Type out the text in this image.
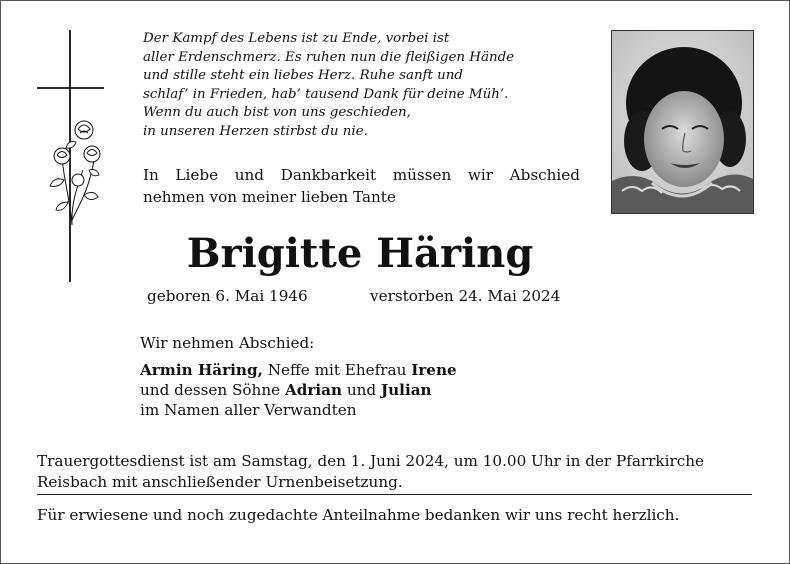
Der Kampf des Lebens ist zu Ende, vorbei ist
aller Erdenschmerz. Es ruhen nun die fleißigen Hände
und stille steht ein liebes Herz. Ruhe sanft und
schlaf’ in Frieden, hab’ tausend Dank für deine Müh’.
Wenn du auch bist von uns geschieden,
in unseren Herzen stirbst du nie.
In Liebe und Dankbarkeit müssen wir Abschied
nehmen von meiner lieben Tante
Brigitte Häring
geboren 6. Mai 1946	verstorben 24. Mai 2024
Wir nehmen Abschied:
Armin Häring, Neffe mit Ehefrau Irene
und dessen Söhne Adrian und Julian
im Namen aller Verwandten
Trauergottesdienst ist am Samstag, den 1. Juni 2024, um 10.00 Uhr in der Pfarrkirche
Reisbach mit anschließender Urnenbeisetzung.
Für erwiesene und noch zugedachte Anteilnahme bedanken wir uns recht herzlich.
